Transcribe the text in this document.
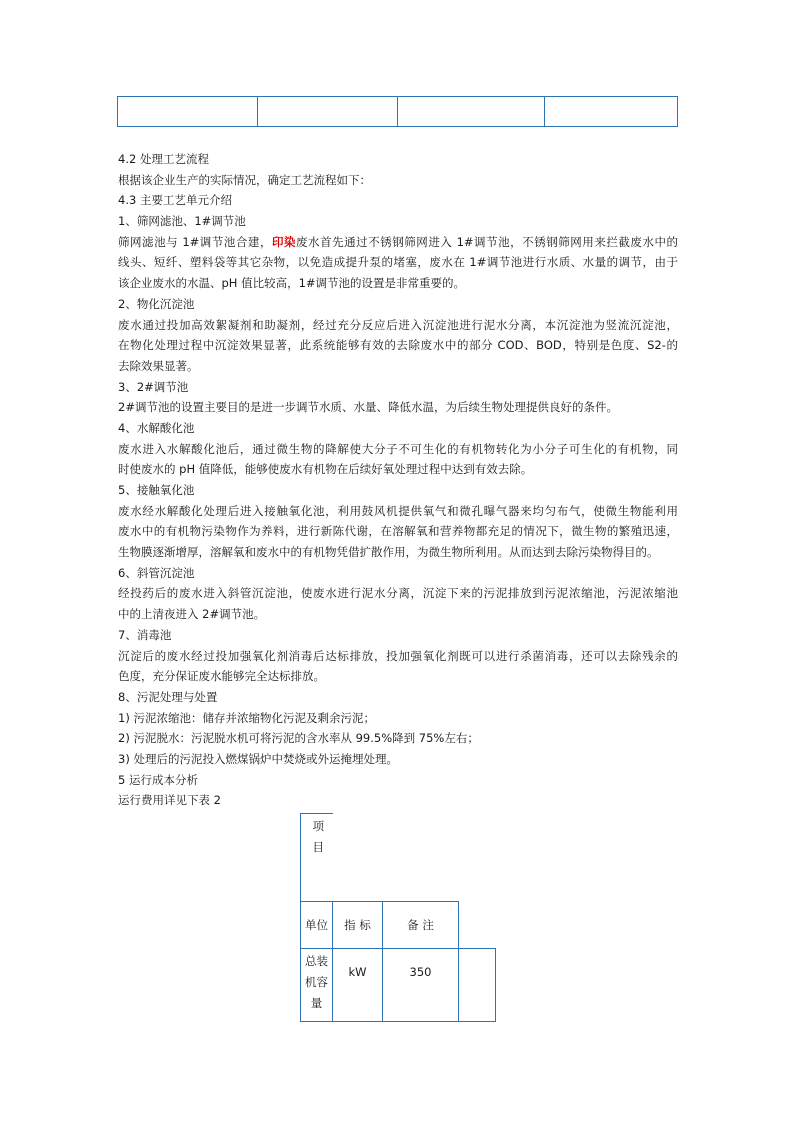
4.2 处理工艺流程
根据该企业生产的实际情况，确定工艺流程如下：
4.3 主要工艺单元介绍
1、筛网滤池、1#调节池
筛网滤池与 1#调节池合建，印染废水首先通过不锈钢筛网进入 1#调节池，不锈钢筛网用来拦截废水中的
线头、短纤、塑料袋等其它杂物，以免造成提升泵的堵塞，废水在 1#调节池进行水质、水量的调节，由于
该企业废水的水温、pH 值比较高，1#调节池的设置是非常重要的。
2、物化沉淀池
废水通过投加高效絮凝剂和助凝剂，经过充分反应后进入沉淀池进行泥水分离，本沉淀池为竖流沉淀池，
在物化处理过程中沉淀效果显著，此系统能够有效的去除废水中的部分 COD、BOD，特别是色度、S2-的
去除效果显著。
3、2#调节池
2#调节池的设置主要目的是进一步调节水质、水量、降低水温，为后续生物处理提供良好的条件。
4、水解酸化池
废水进入水解酸化池后，通过微生物的降解使大分子不可生化的有机物转化为小分子可生化的有机物，同
时使废水的 pH 值降低，能够使废水有机物在后续好氧处理过程中达到有效去除。
5、接触氧化池
废水经水解酸化处理后进入接触氧化池，利用鼓风机提供氧气和微孔曝气器来均匀布气，使微生物能利用
废水中的有机物污染物作为养料，进行新陈代谢，在溶解氧和营养物都充足的情况下，微生物的繁殖迅速，
生物膜逐渐增厚，溶解氧和废水中的有机物凭借扩散作用，为微生物所利用。从而达到去除污染物得目的。
6、斜管沉淀池
经投药后的废水进入斜管沉淀池，使废水进行泥水分离，沉淀下来的污泥排放到污泥浓缩池，污泥浓缩池
中的上清夜进入 2#调节池。
7、消毒池
沉淀后的废水经过投加强氧化剂消毒后达标排放，投加强氧化剂既可以进行杀菌消毒，还可以去除残余的
色度，充分保证废水能够完全达标排放。
8、污泥处理与处置
1) 污泥浓缩池：储存并浓缩物化污泥及剩余污泥；
2) 污泥脱水：污泥脱水机可将污泥的含水率从 99.5%降到 75%左右；
3) 处理后的污泥投入燃煤锅炉中焚烧或外运掩埋处理。
5 运行成本分析
运行费用详见下表 2
项
目			

单位	指 标	备 注	

总装
机容
量	kW	350	
